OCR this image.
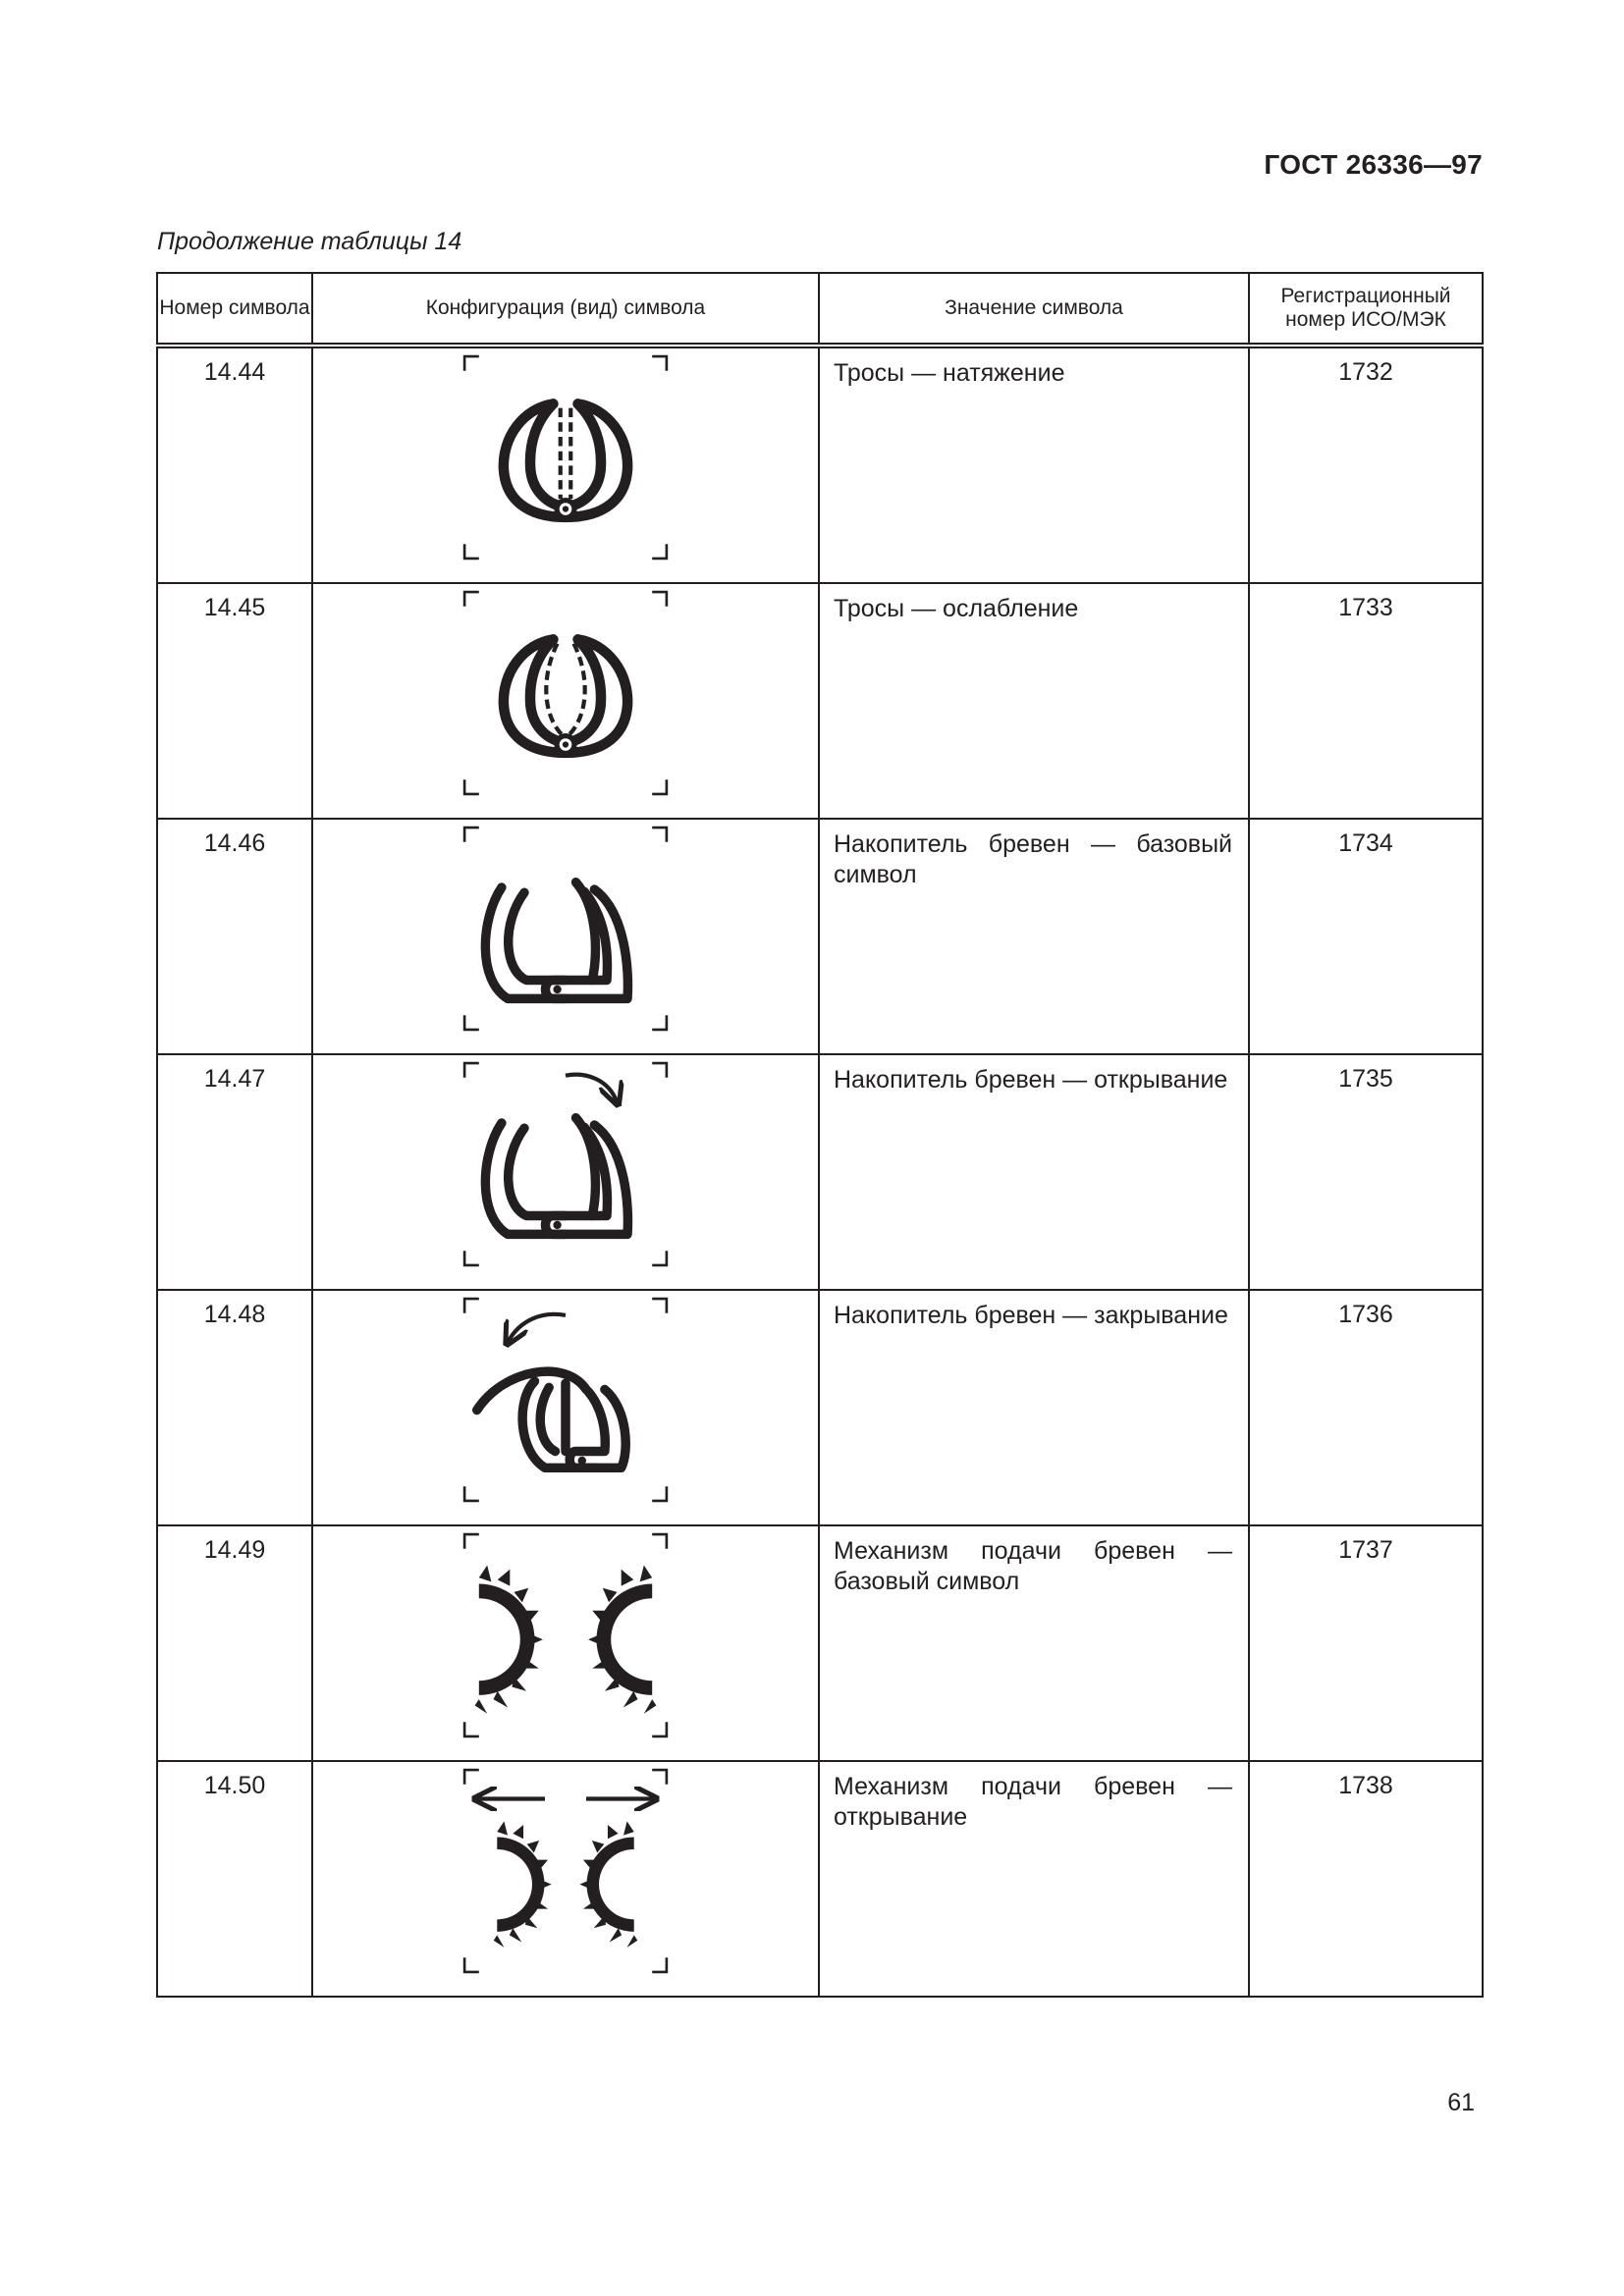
ГОСТ 26336—97
Продолжение таблицы 14
Номер символа	Конфигурация (вид) символа	Значение символа	Регистрационный номер ИСО/МЭК
14.44		Тросы — натяжение	1732
14.45		Тросы — ослабление	1733
14.46		Накопитель бревен — базовый символ	1734
14.47		Накопитель бревен — открывание	1735
14.48		Накопитель бревен — закрывание	1736
14.49		Механизм подачи бревен — базовый символ	1737
14.50		Механизм подачи бревен — открывание	1738
61
